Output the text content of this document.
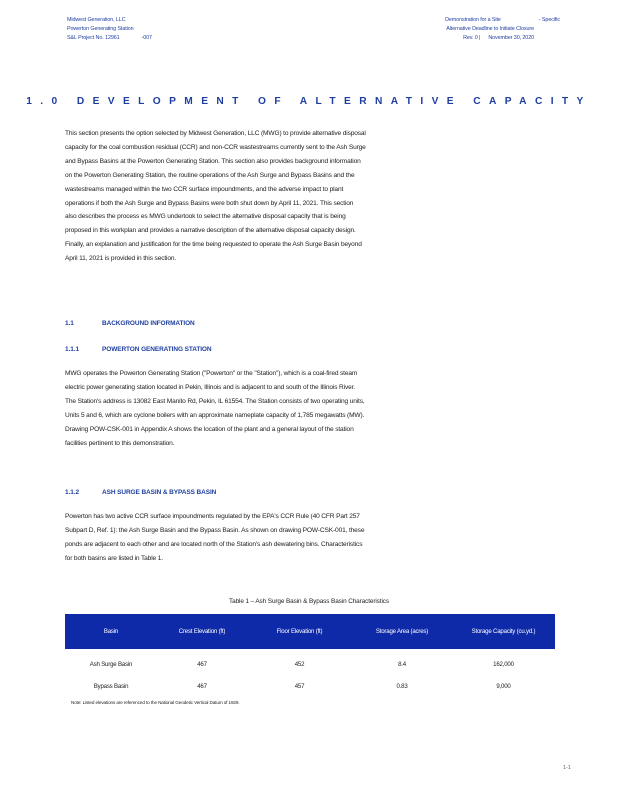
Midwest Generation, LLC
Powerton Generating Station
S&L Project No. 12961	-007
Demonstration for a Site	- Specific
Alternative Deadline to Initiate Closure
Rev. 0 | November 30, 2020
1.0 DEVELOPMENT OF ALTERNATIVE CAPACITY
This section presents the option selected by Midwest Generation, LLC (MWG) to provide alternative disposal
capacity for the coal combustion residual (CCR) and non-CCR wastestreams currently sent to the Ash Surge
and Bypass Basins at the Powerton Generating Station. This section also provides background information
on the Powerton Generating Station, the routine operations of the Ash Surge and Bypass Basins and the
wastestreams managed within the two CCR surface impoundments, and the adverse impact to plant
operations if both the Ash Surge and Bypass Basins were both shut down by April 11, 2021. This section
also describes the process es MWG undertook to select the alternative disposal capacity that is being
proposed in this workplan and provides a narrative description of the alternative disposal capacity design.
Finally, an explanation and justification for the time being requested to operate the Ash Surge Basin beyond
April 11, 2021 is provided in this section.
1.1	BACKGROUND INFORMATION
1.1.1	POWERTON GENERATING STATION
MWG operates the Powerton Generating Station ("Powerton" or the "Station"), which is a coal-fired steam
electric power generating station located in Pekin, Illinois and is adjacent to and south of the Illinois River.
The Station's address is 13082 East Manito Rd, Pekin, IL 61554. The Station consists of two operating units,
Units 5 and 6, which are cyclone boilers with an approximate nameplate capacity of 1,785 megawatts (MW).
Drawing POW-CSK-001 in Appendix A shows the location of the plant and a general layout of the station
facilities pertinent to this demonstration.
1.1.2	ASH SURGE BASIN & BYPASS BASIN
Powerton has two active CCR surface impoundments regulated by the EPA's CCR Rule (40 CFR Part 257
Subpart D, Ref. 1): the Ash Surge Basin and the Bypass Basin. As shown on drawing POW-CSK-001, these
ponds are adjacent to each other and are located north of the Station's ash dewatering bins. Characteristics
for both basins are listed in Table 1.
Table 1 – Ash Surge Basin & Bypass Basin Characteristics
Basin	Crest Elevation (ft)	Floor Elevation (ft)	Storage Area (acres)	Storage Capacity (cu.yd.)
Ash Surge Basin	467	452	8.4	162,000
Bypass Basin	467	457	0.83	9,000
Note: Listed elevations are referenced to the National Geodetic Vertical Datum of 1929.
1-1
